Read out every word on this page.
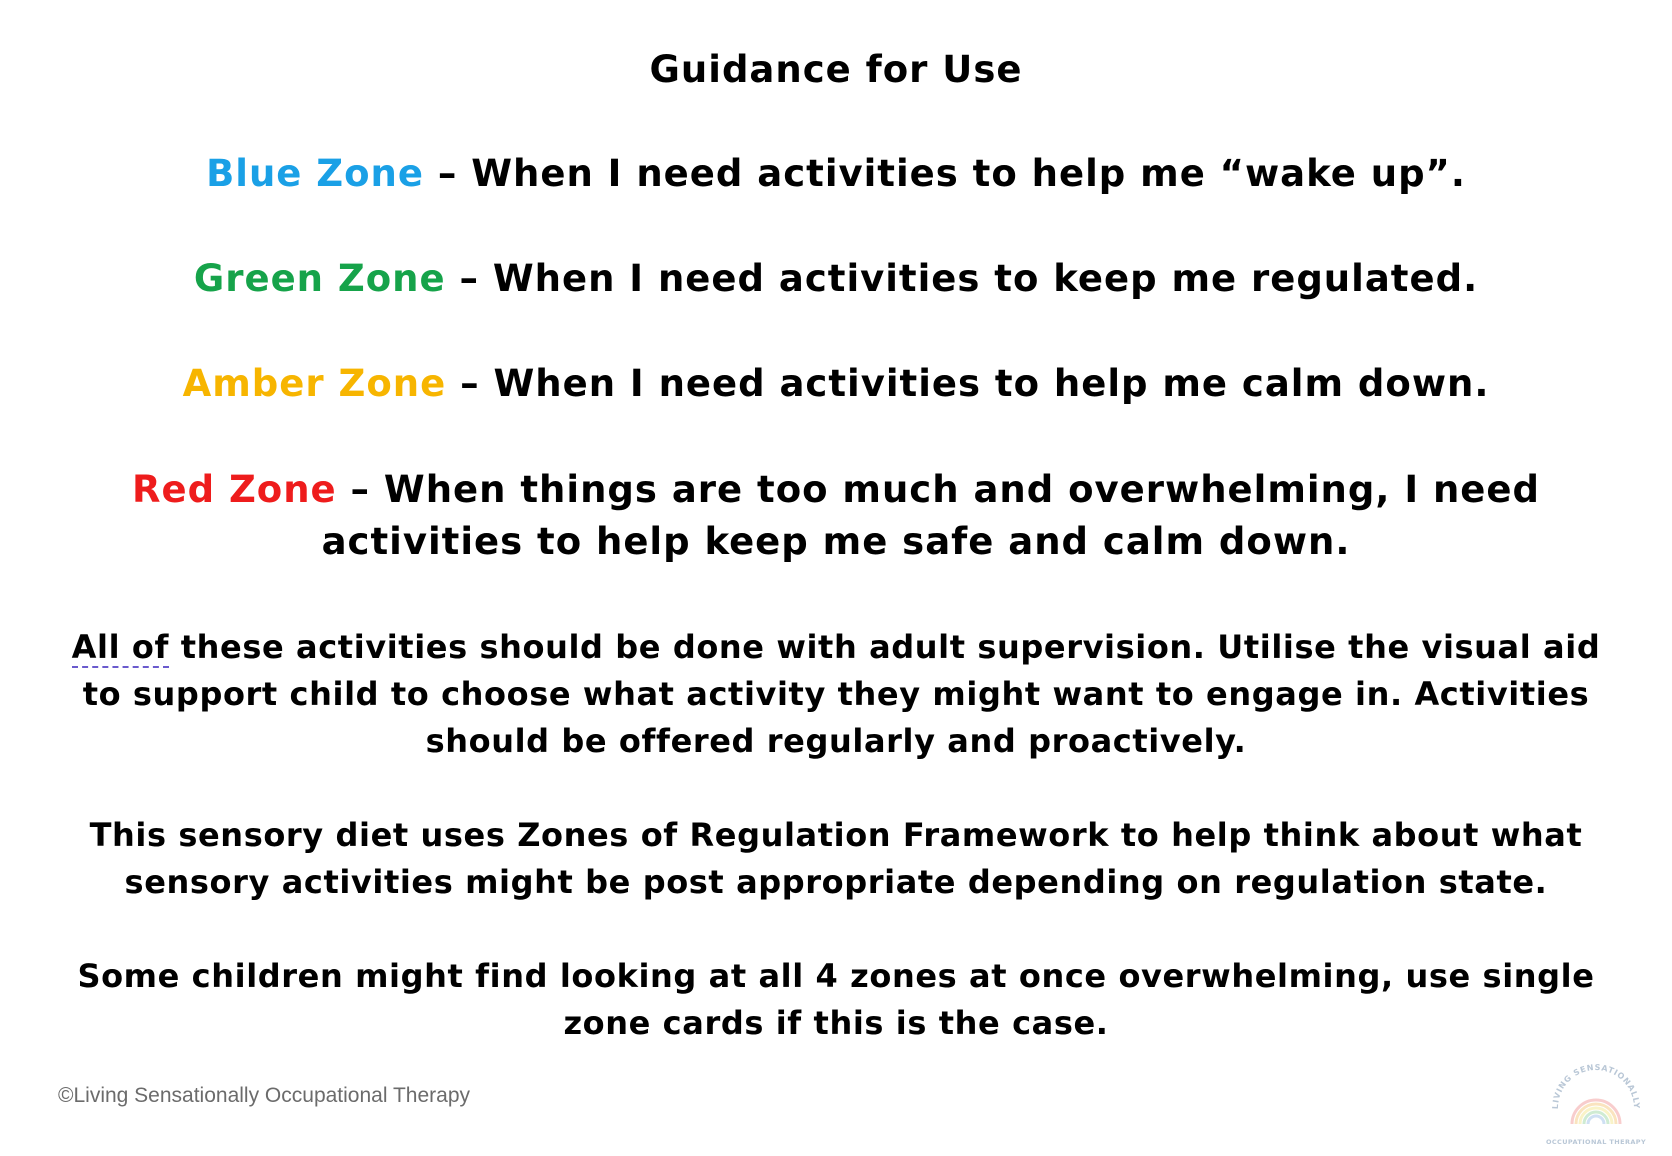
Guidance for Use
Blue Zone – When I need activities to help me “wake up”.
Green Zone – When I need activities to keep me regulated.
Amber Zone – When I need activities to help me calm down.
Red Zone – When things are too much and overwhelming, I need activities to help keep me safe and calm down.
All of these activities should be done with adult supervision. Utilise the visual aid to support child to choose what activity they might want to engage in. Activities should be offered regularly and proactively.
This sensory diet uses Zones of Regulation Framework to help think about what sensory activities might be post appropriate depending on regulation state.
Some children might find looking at all 4 zones at once overwhelming, use single zone cards if this is the case.
©Living Sensationally Occupational Therapy	LIVING SENSATIONALLY
OCCUPATIONAL THERAPY
